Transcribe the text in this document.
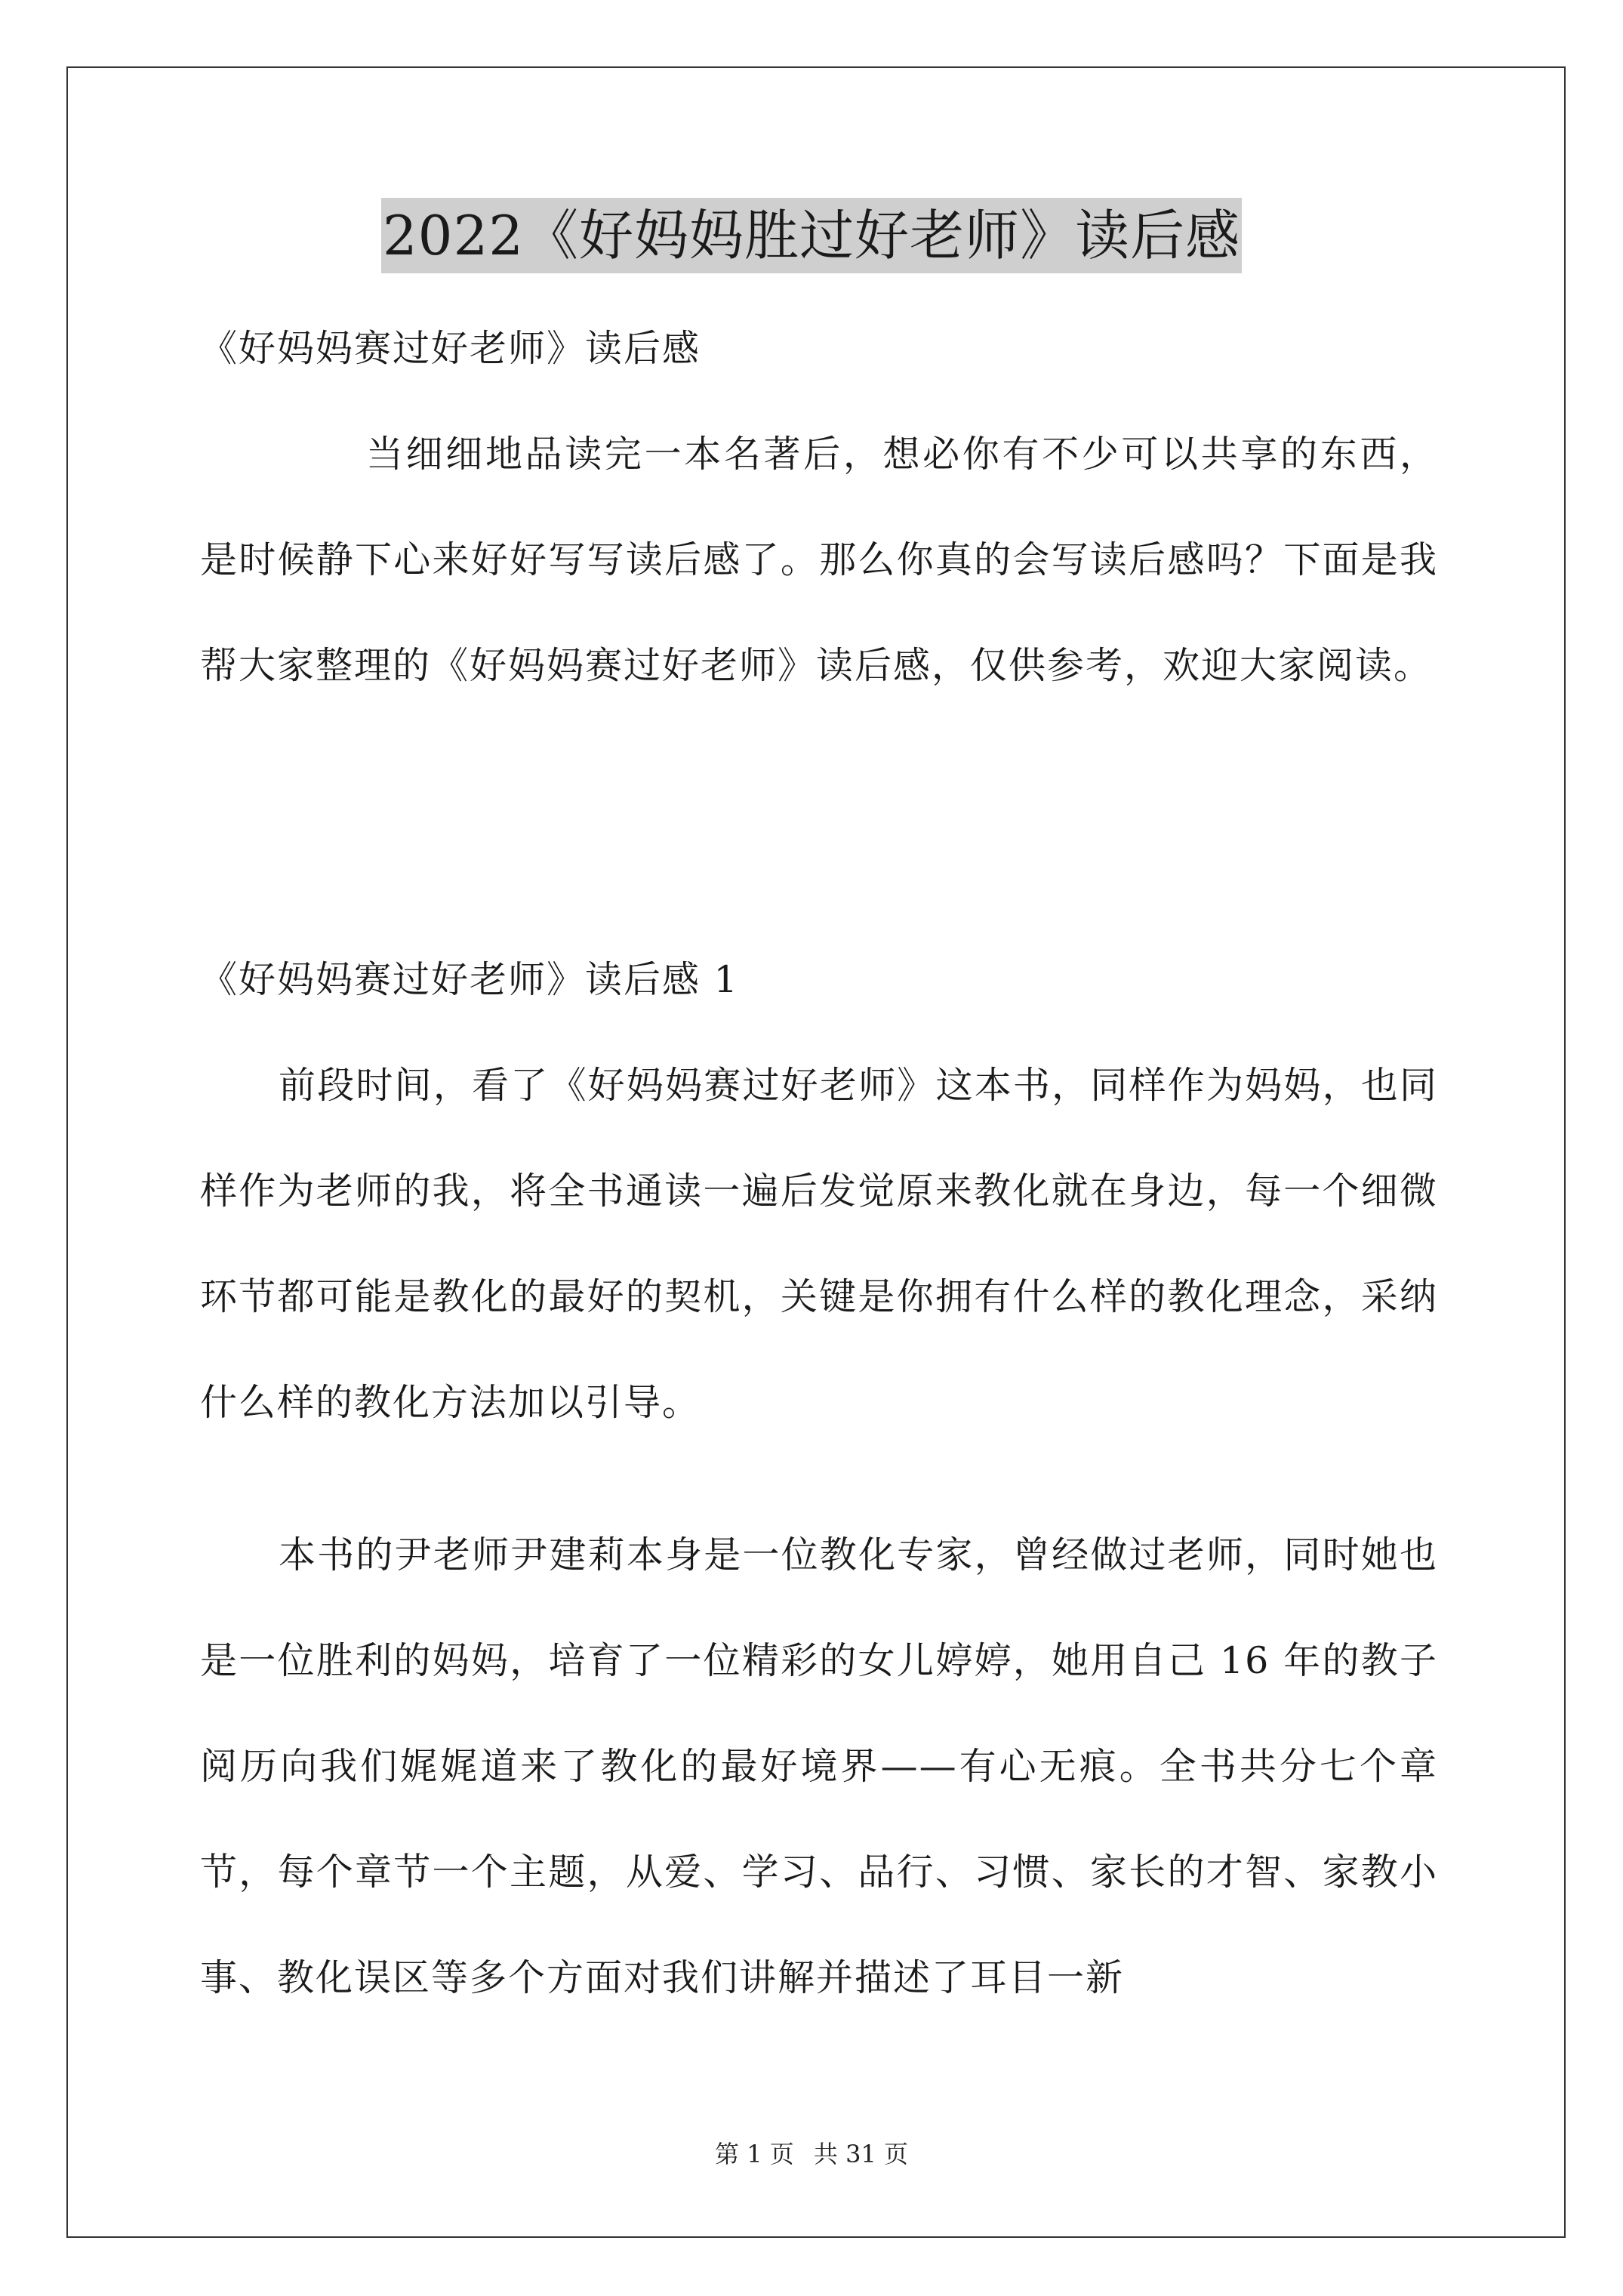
2022《好妈妈胜过好老师》读后感
《好妈妈赛过好老师》读后感
当细细地品读完一本名著后，想必你有不少可以共享的东西，是时候静下心来好好写写读后感了。那么你真的会写读后感吗？下面是我帮大家整理的《好妈妈赛过好老师》读后感，仅供参考，欢迎大家阅读。
《好妈妈赛过好老师》读后感 1
前段时间，看了《好妈妈赛过好老师》这本书，同样作为妈妈，也同样作为老师的我，将全书通读一遍后发觉原来教化就在身边，每一个细微环节都可能是教化的最好的契机，关键是你拥有什么样的教化理念，采纳什么样的教化方法加以引导。
本书的尹老师尹建莉本身是一位教化专家，曾经做过老师，同时她也是一位胜利的妈妈，培育了一位精彩的女儿婷婷，她用自己 16 年的教子阅历向我们娓娓道来了教化的最好境界——有心无痕。全书共分七个章节，每个章节一个主题，从爱、学习、品行、习惯、家长的才智、家教小事、教化误区等多个方面对我们讲解并描述了耳目一新
第 1 页 共 31 页
